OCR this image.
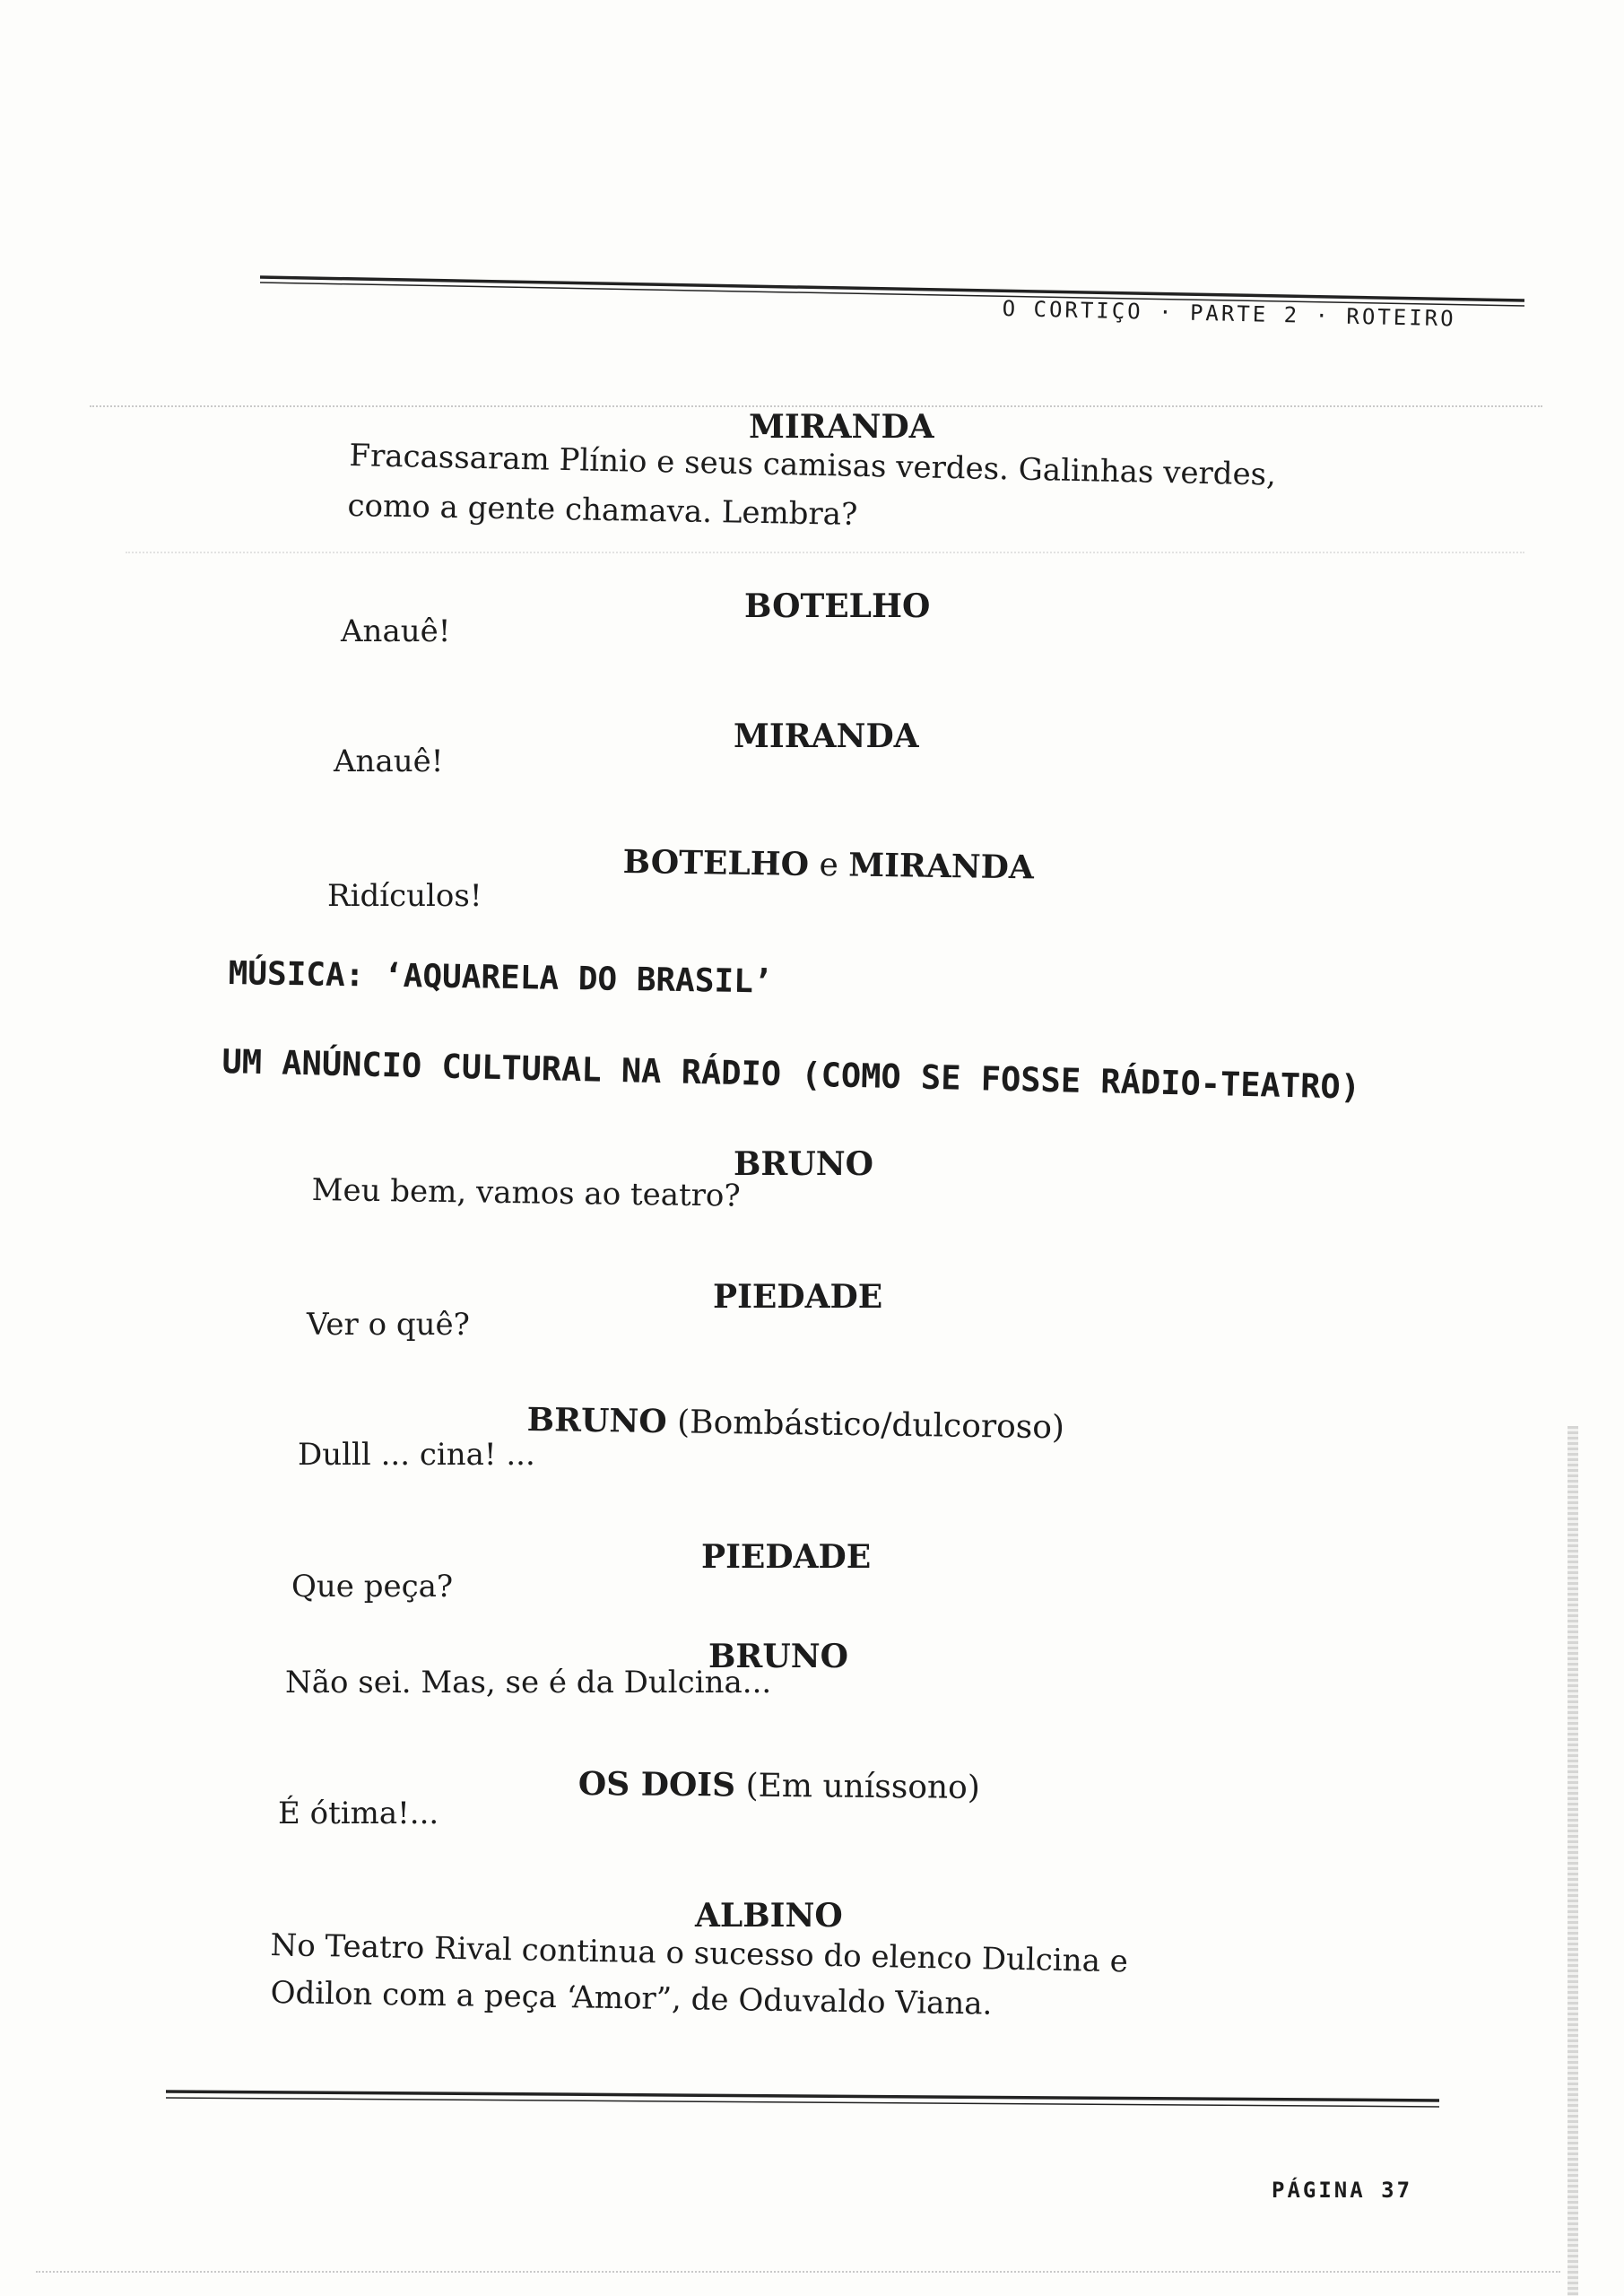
O CORTIÇO · PARTE 2 · ROTEIRO
MIRANDA
Fracassaram Plínio e seus camisas verdes. Galinhas verdes,
como a gente chamava. Lembra?
BOTELHO
Anauê!
MIRANDA
Anauê!
BOTELHO e MIRANDA
Ridículos!
MÚSICA: ‘AQUARELA DO BRASIL’
UM ANÚNCIO CULTURAL NA RÁDIO (COMO SE FOSSE RÁDIO-TEATRO)
BRUNO
Meu bem, vamos ao teatro?
PIEDADE
Ver o quê?
BRUNO (Bombástico/dulcoroso)
Dulll ... cina! ...
PIEDADE
Que peça?
BRUNO
Não sei. Mas, se é da Dulcina...
OS DOIS (Em uníssono)
É ótima!...
ALBINO
No Teatro Rival continua o sucesso do elenco Dulcina e
Odilon com a peça ‘Amor”, de Oduvaldo Viana.
PÁGINA 37
